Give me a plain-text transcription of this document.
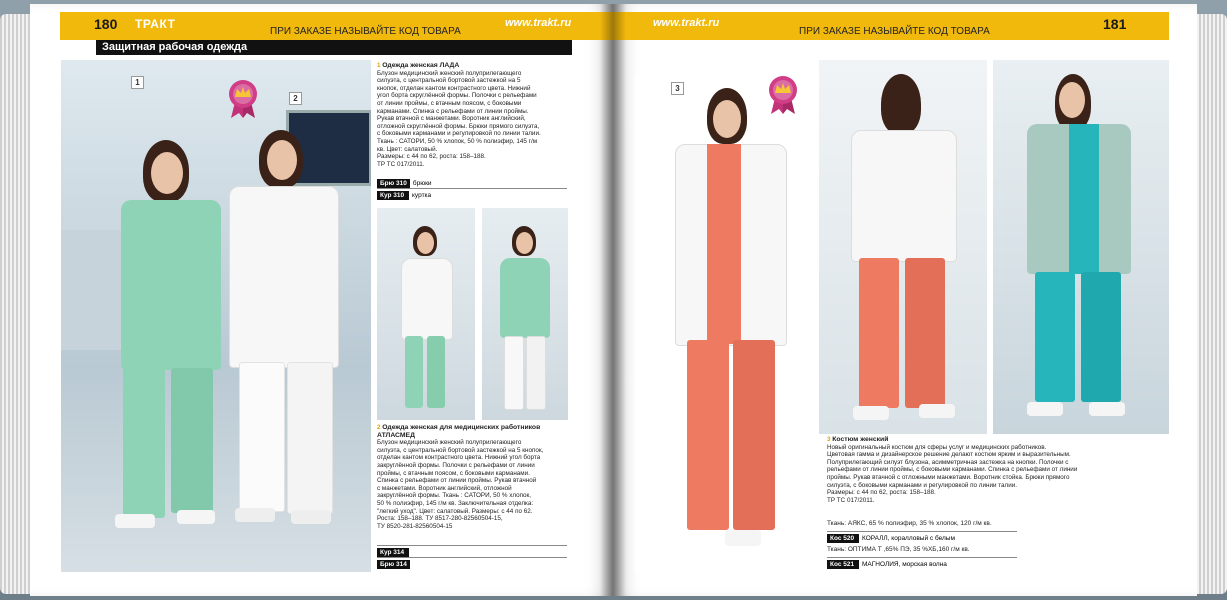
180 ТРАКТ
ПРИ ЗАКАЗЕ НАЗЫВАЙТЕ КОД ТОВАРА
www.trakt.ru
Защитная рабочая одежда
1
2
1 Одежда женская ЛАДА
Блузон медицинский женский полуприлегающего
силуэта, с центральной бортовой застежкой на 5
кнопок, отделан кантом контрастного цвета. Нижний
угол борта скруглённой формы. Полочки с рельефами
от линии проймы, с втачным поясом, с боковыми
карманами. Спинка с рельефами от линии проймы.
Рукав втачной с манжетами. Воротник английский,
отложной скруглённой формы. Брюки прямого силуэта,
с боковыми карманами и регулировкой по линии талии.
Ткань : САТОРИ, 50 % хлопок, 50 % полиэфир, 145 г/м
кв. Цвет: салатовый.
Размеры: с 44 по 62, роста: 158–188.
ТР ТС 017/2011.
Брю 310 брюки
Кур 310	куртка
2 Одежда женская для медицинских работников
АТЛАСМЕД
Блузон медицинский женский полуприлегающего
силуэта, с центральной бортовой застежкой на 5 кнопок,
отделан кантом контрастного цвета. Нижний угол борта
закруглённой формы. Полочки с рельефами от линии
проймы, с втачным поясом, с боковыми карманами.
Спинка с рельефами от линии проймы. Рукав втачной
с манжетами. Воротник английский, отложной
закруглённой формы. Ткань : САТОРИ, 50 % хлопок,
50 % полиэфир, 145 г/м кв. Заключительная отделка:
"легкий уход". Цвет: салатовый. Размеры: с 44 по 62.
Роста: 158–188. ТУ 8517-280-82560504-15,
ТУ 8520-281-82560504-15
Кур 314
Брю 314
www.trakt.ru
ПРИ ЗАКАЗЕ НАЗЫВАЙТЕ КОД ТОВАРА	181
3
3 Костюм женский
Новый оригинальный костюм для сферы услуг и медицинских работников.
Цветовая гамма и дизайнерское решение делают костюм ярким и выразительным.
Полуприлегающий силуэт блузона, асимметричная застежка на кнопки. Полочки с
рельефами от линии проймы, с боковыми карманами. Спинка с рельефами от линии
проймы. Рукав втачной с отложными манжетами. Воротник стойка. Брюки прямого
силуэта, с боковыми карманами и регулировкой по линии талии.
Размеры: с 44 по 62, роста: 158–188.
ТР ТС 017/2011.
Ткань: АЯКС, 65 % полиэфир, 35 % хлопок, 120 г/м кв.
Кос 520	КОРАЛЛ, коралловый с белым
Ткань: ОПТИМА Т ,65% ПЭ, 35 %ХБ,160 г/м кв.
Кос 521	МАГНОЛИЯ, морская волна
